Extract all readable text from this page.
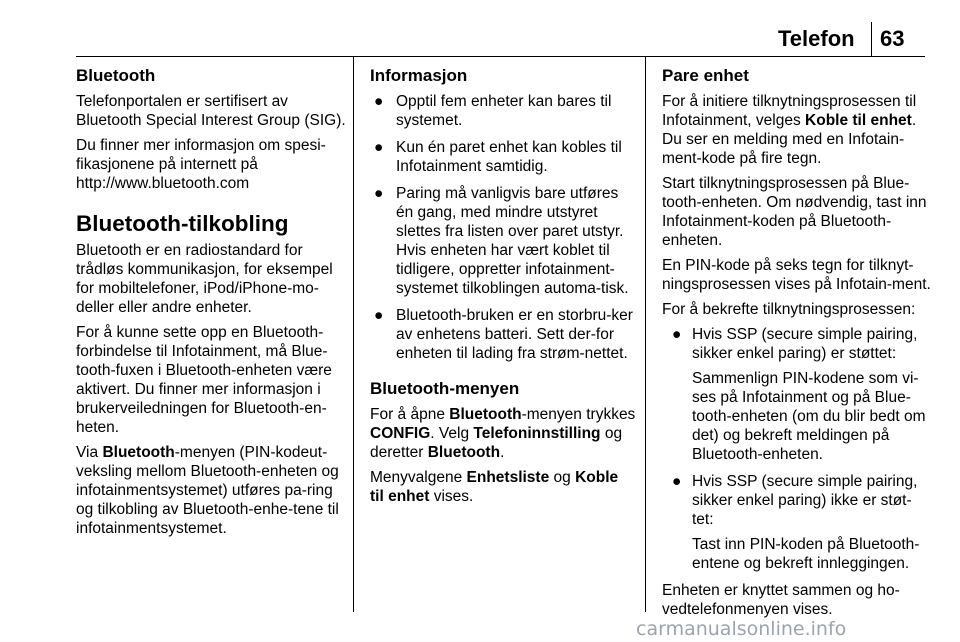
Telefon 63
Bluetooth

Telefonportalen er sertifisert av Bluetooth Special Interest Group (SIG).

Du finner mer informasjon om spesi-fikasjonene på internett på http://www.bluetooth.com

Bluetooth-tilkobling

Bluetooth er en radiostandard for trådløs kommunikasjon, for eksempel for mobiltelefoner, iPod/iPhone-mo-deller eller andre enheter.

For å kunne sette opp en Bluetooth-forbindelse til Infotainment, må Blue-tooth-fuxen i Bluetooth-enheten være aktivert. Du finner mer informasjon i brukerveiledningen for Bluetooth-en-heten.

Via Bluetooth-menyen (PIN-kodeut-veksling mellom Bluetooth-enheten og infotainmentsystemet) utføres pa-ring og tilkobling av Bluetooth-enhe-tene til infotainmentsystemet.

Informasjon
● Opptil fem enheter kan bares til systemet.
● Kun én paret enhet kan kobles til Infotainment samtidig.
● Paring må vanligvis bare utføres én gang, med mindre utstyret slettes fra listen over paret utstyr. Hvis enheten har vært koblet til tidligere, oppretter infotainment-systemet tilkoblingen automa-tisk.
● Bluetooth-bruken er en storbru-ker av enhetens batteri. Sett der-for enheten til lading fra strøm-nettet.
Bluetooth-menyen

For å åpne Bluetooth-menyen trykkes CONFIG. Velg Telefoninnstilling og deretter Bluetooth.

Menyvalgene Enhetsliste og Koble til enhet vises.

Pare enhet

For å initiere tilknytningsprosessen til Infotainment, velges Koble til enhet. Du ser en melding med en Infotain-ment-kode på fire tegn.

Start tilknytningsprosessen på Blue-tooth-enheten. Om nødvendig, tast inn Infotainment-koden på Bluetooth-enheten.

En PIN-kode på seks tegn for tilknyt-ningsprosessen vises på Infotain-ment.

For å bekrefte tilknytningsprosessen:

● Hvis SSP (secure simple pairing, sikker enkel paring) er støttet:

Sammenlign PIN-kodene som vi-ses på Infotainment og på Blue-tooth-enheten (om du blir bedt om det) og bekreft meldingen på Bluetooth-enheten.

● Hvis SSP (secure simple pairing, sikker enkel paring) ikke er støt-tet:

Tast inn PIN-koden på Bluetooth-entene og bekreft innleggingen.

Enheten er knyttet sammen og ho-vedtelefonmenyen vises.

carmanualsonline.info
